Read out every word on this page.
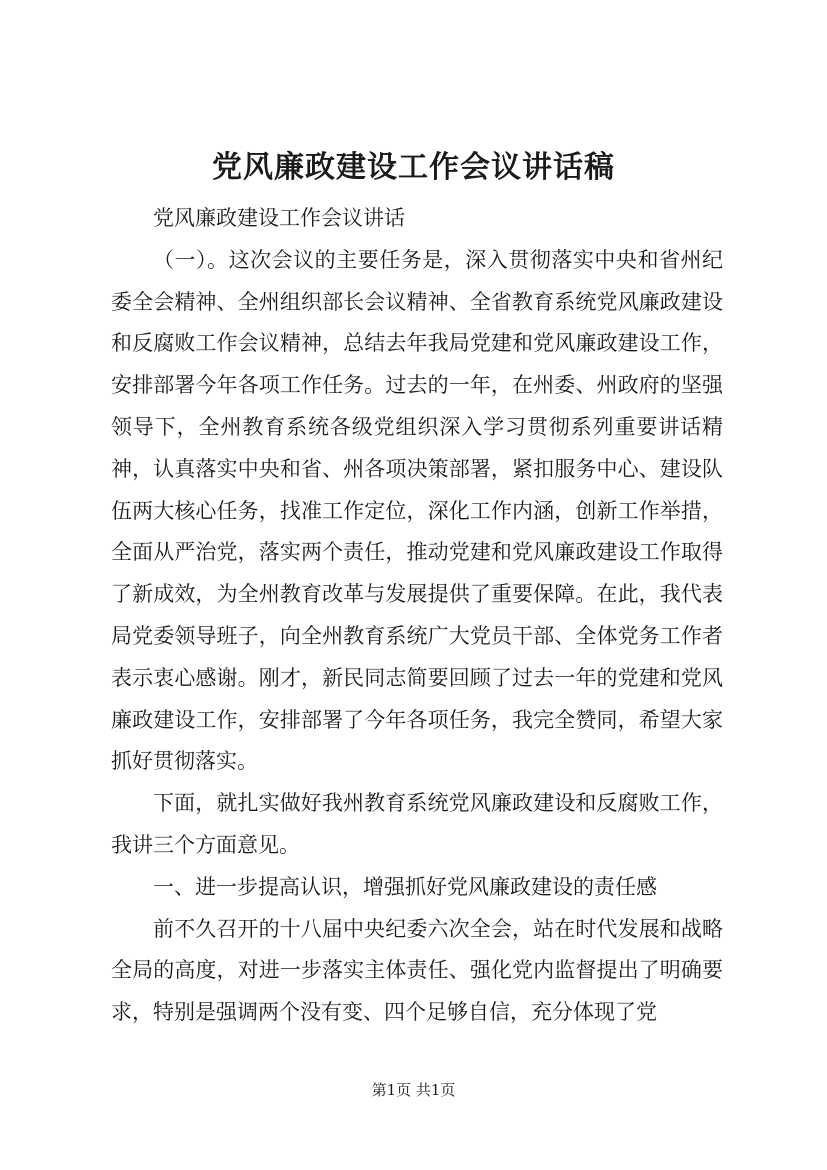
党风廉政建设工作会议讲话稿

党风廉政建设工作会议讲话

（一）。这次会议的主要任务是，深入贯彻落实中央和省州纪委全会精神、全州组织部长会议精神、全省教育系统党风廉政建设和反腐败工作会议精神，总结去年我局党建和党风廉政建设工作，安排部署今年各项工作任务。过去的一年，在州委、州政府的坚强领导下，全州教育系统各级党组织深入学习贯彻系列重要讲话精神，认真落实中央和省、州各项决策部署，紧扣服务中心、建设队伍两大核心任务，找准工作定位，深化工作内涵，创新工作举措，全面从严治党，落实两个责任，推动党建和党风廉政建设工作取得了新成效，为全州教育改革与发展提供了重要保障。在此，我代表局党委领导班子，向全州教育系统广大党员干部、全体党务工作者表示衷心感谢。刚才，新民同志简要回顾了过去一年的党建和党风廉政建设工作，安排部署了今年各项任务，我完全赞同，希望大家抓好贯彻落实。

下面，就扎实做好我州教育系统党风廉政建设和反腐败工作，我讲三个方面意见。

一、进一步提高认识，增强抓好党风廉政建设的责任感

前不久召开的十八届中央纪委六次全会，站在时代发展和战略全局的高度，对进一步落实主体责任、强化党内监督提出了明确要求，特别是强调两个没有变、四个足够自信，充分体现了党

第1页 共1页
